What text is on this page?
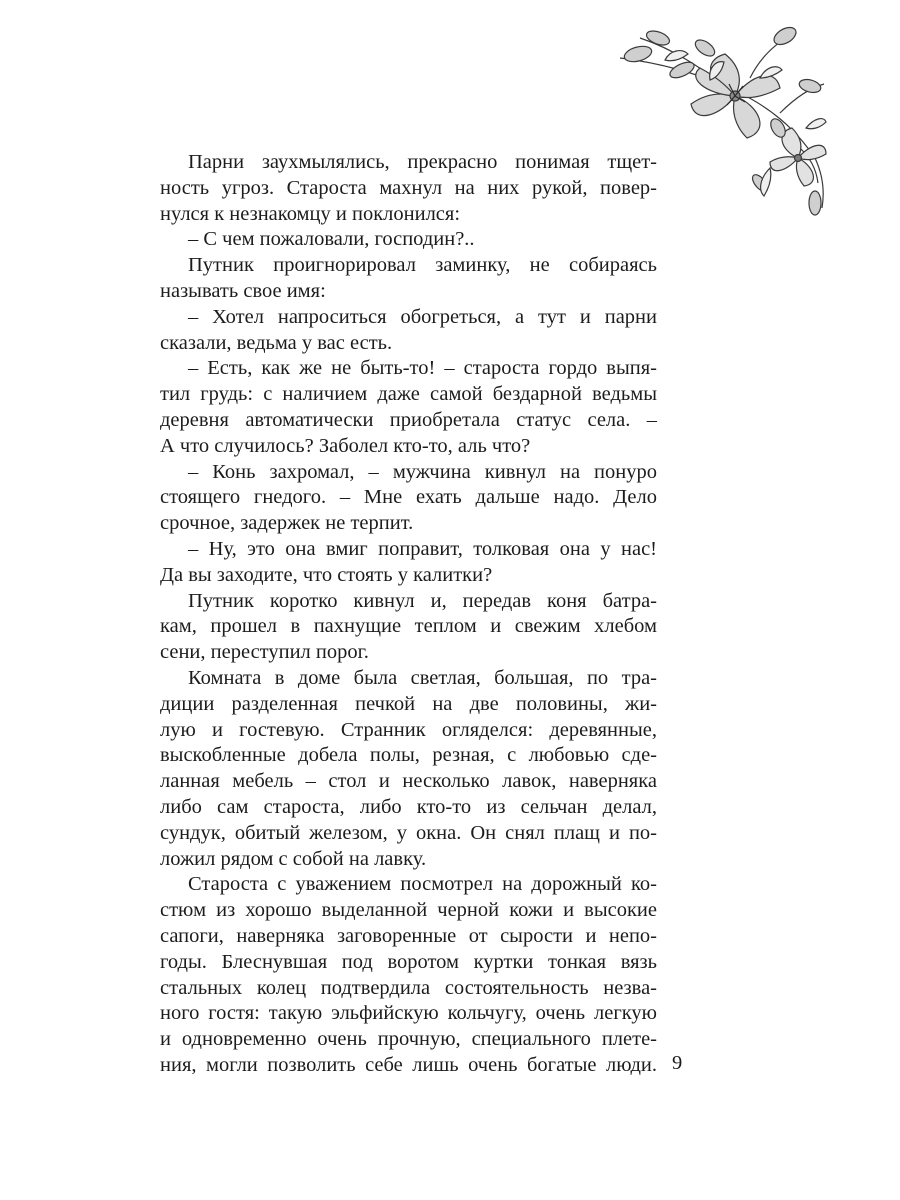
Парни заухмылялись, прекрасно понимая тщет-
ность угроз. Староста махнул на них рукой, повер-
нулся к незнакомцу и поклонился:
– С чем пожаловали, господин?..
Путник проигнорировал заминку, не собираясь
называть свое имя:
– Хотел напроситься обогреться, а тут и парни
сказали, ведьма у вас есть.
– Есть, как же не быть-то! – староста гордо выпя-
тил грудь: с наличием даже самой бездарной ведьмы
деревня автоматически приобретала статус села. –
А что случилось? Заболел кто-то, аль что?
– Конь захромал, – мужчина кивнул на понуро
стоящего гнедого. – Мне ехать дальше надо. Дело
срочное, задержек не терпит.
– Ну, это она вмиг поправит, толковая она у нас!
Да вы заходите, что стоять у калитки?
Путник коротко кивнул и, передав коня батра-
кам, прошел в пахнущие теплом и свежим хлебом
сени, переступил порог.
Комната в доме была светлая, большая, по тра-
диции разделенная печкой на две половины, жи-
лую и гостевую. Странник огляделся: деревянные,
выскобленные добела полы, резная, с любовью сде-
ланная мебель – стол и несколько лавок, наверняка
либо сам староста, либо кто-то из сельчан делал,
сундук, обитый железом, у окна. Он снял плащ и по-
ложил рядом с собой на лавку.
Староста с уважением посмотрел на дорожный ко-
стюм из хорошо выделанной черной кожи и высокие
сапоги, наверняка заговоренные от сырости и непо-
годы. Блеснувшая под воротом куртки тонкая вязь
стальных колец подтвердила состоятельность незва-
ного гостя: такую эльфийскую кольчугу, очень легкую
и одновременно очень прочную, специального плете-
ния, могли позволить себе лишь очень богатые люди. 9
